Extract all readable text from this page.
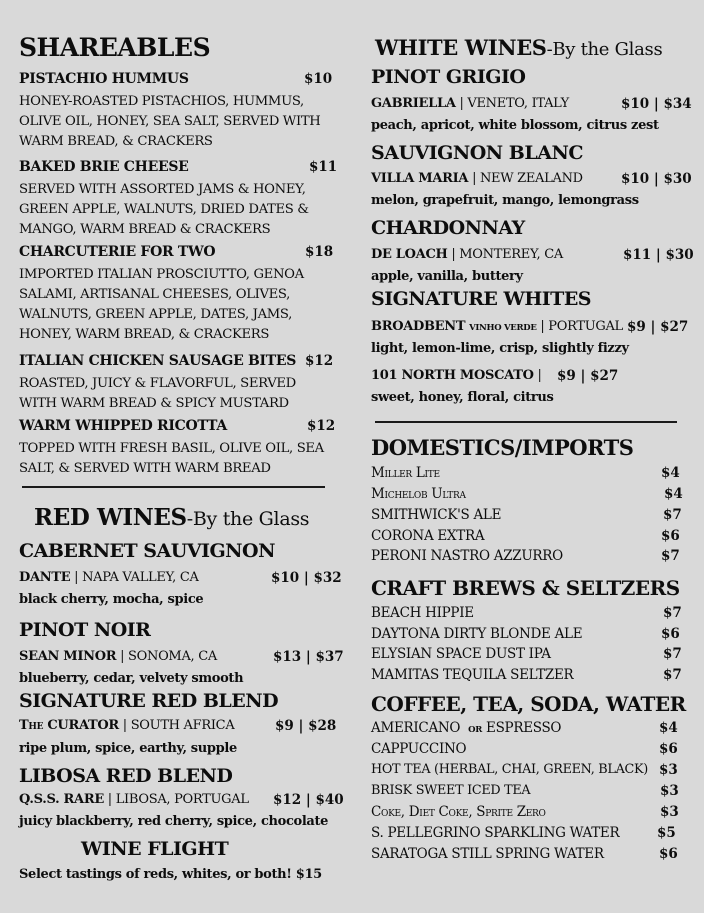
SHAREABLES
PISTACHIO HUMMUS	$10
HONEY-ROASTED PISTACHIOS, HUMMUS, OLIVE OIL, HONEY, SEA SALT, SERVED WITH WARM BREAD, & CRACKERS
BAKED BRIE CHEESE	$11
SERVED WITH ASSORTED JAMS & HONEY, GREEN APPLE, WALNUTS, DRIED DATES & MANGO, WARM BREAD & CRACKERS
CHARCUTERIE FOR TWO	$18
IMPORTED ITALIAN PROSCIUTTO, GENOA SALAMI, ARTISANAL CHEESES, OLIVES, WALNUTS, GREEN APPLE, DATES, JAMS, HONEY, WARM BREAD, & CRACKERS
ITALIAN CHICKEN SAUSAGE BITES $12
ROASTED, JUICY & FLAVORFUL, SERVED WITH WARM BREAD & SPICY MUSTARD
WARM WHIPPED RICOTTA	$12
TOPPED WITH FRESH BASIL, OLIVE OIL, SEA SALT, & SERVED WITH WARM BREAD
RED WINES-By the Glass
CABERNET SAUVIGNON
DANTE | NAPA VALLEY, CA	$10 | $32
black cherry, mocha, spice
PINOT NOIR
SEAN MINOR | SONOMA, CA	$13 | $37
blueberry, cedar, velvety smooth
SIGNATURE RED BLEND
The CURATOR | SOUTH AFRICA	$9 | $28
ripe plum, spice, earthy, supple
LIBOSA RED BLEND
Q.S.S. RARE | LIBOSA, PORTUGAL $12 | $40
juicy blackberry, red cherry, spice, chocolate
WINE FLIGHT
Select tastings of reds, whites, or both! $15
WHITE WINES-By the Glass
PINOT GRIGIO
GABRIELLA | VENETO, ITALY	$10 | $34
peach, apricot, white blossom, citrus zest
SAUVIGNON BLANC
VILLA MARIA | NEW ZEALAND	$10 | $30
melon, grapefruit, mango, lemongrass
CHARDONNAY
DE LOACH | MONTEREY, CA	$11 | $30
apple, vanilla, buttery
SIGNATURE WHITES
BROADBENT VINHO VERDE | PORTUGAL $9 | $27
light, lemon-lime, crisp, slightly fizzy
101 NORTH MOSCATO | $9 | $27
sweet, honey, floral, citrus
DOMESTICS/IMPORTS
Miller Lite	$4
Michelob Ultra	$4
SMITHWICK'S ALE	$7
CORONA EXTRA	$6
PERONI NASTRO AZZURRO	$7
CRAFT BREWS & SELTZERS
BEACH HIPPIE	$7
DAYTONA DIRTY BLONDE ALE	$6
ELYSIAN SPACE DUST IPA	$7
MAMITAS TEQUILA SELTZER	$7
COFFEE, TEA, SODA, WATER
AMERICANO OR ESPRESSO	$4
CAPPUCCINO	$6
HOT TEA (HERBAL, CHAI, GREEN, BLACK) $3
BRISK SWEET ICED TEA	$3
Coke, Diet Coke, Sprite Zero	$3
S. PELLEGRINO SPARKLING WATER	$5
SARATOGA STILL SPRING WATER	$6
